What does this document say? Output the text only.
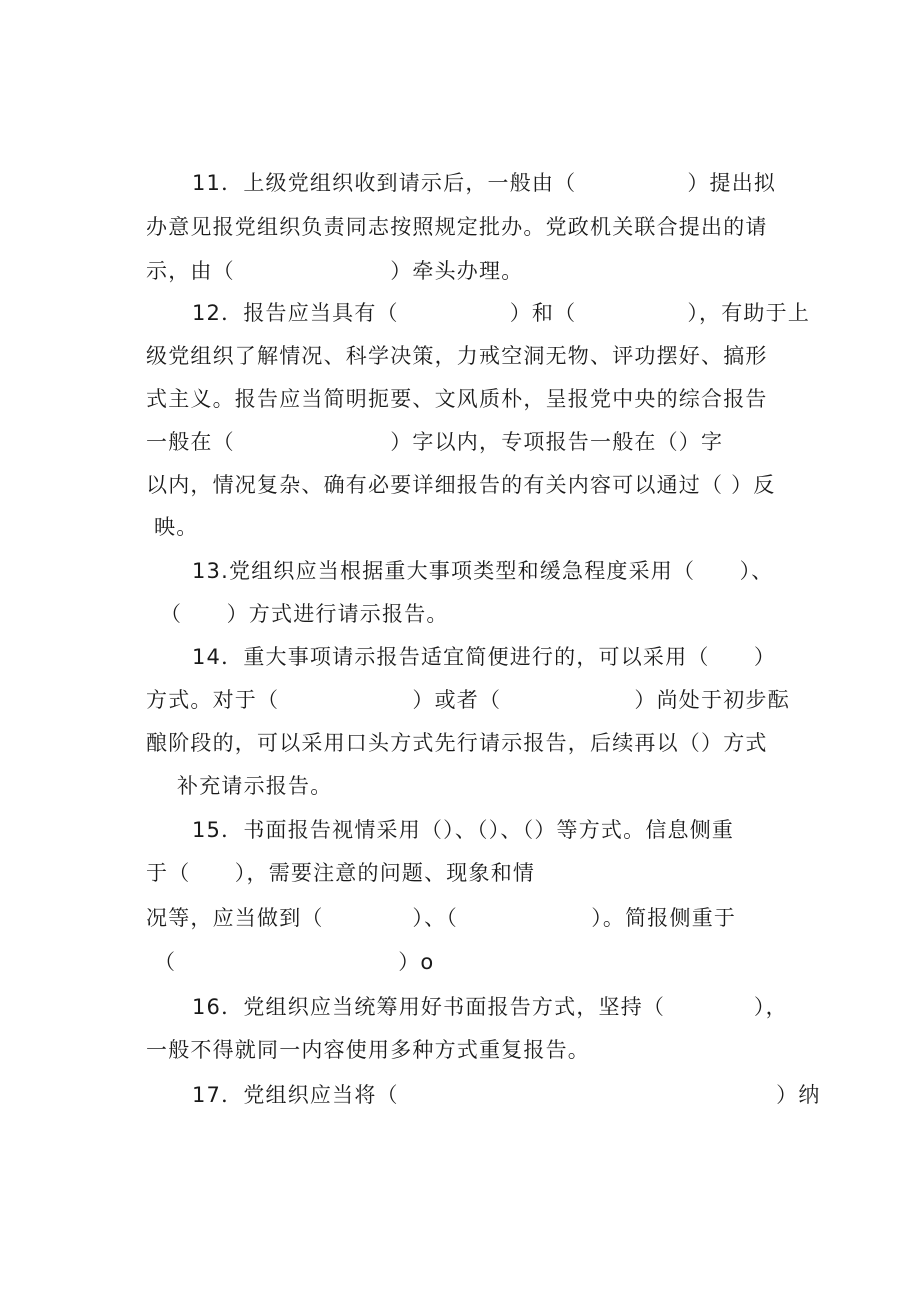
11．上级党组织收到请示后，一般由（　　　　　）提出拟
办意见报党组织负责同志按照规定批办。党政机关联合提出的请
示，由（　　　　　　　）牵头办理。
12．报告应当具有（　　　　　）和（　　　　　），有助于上
级党组织了解情况、科学决策，力戒空洞无物、评功摆好、搞形
式主义。报告应当简明扼要、文风质朴，呈报党中央的综合报告
一般在（　　　　　　　）字以内，专项报告一般在（）字
以内，情况复杂、确有必要详细报告的有关内容可以通过（ ）反
映。
13.党组织应当根据重大事项类型和缓急程度采用（　　）、
（　　）方式进行请示报告。
14．重大事项请示报告适宜简便进行的，可以采用（　　）
方式。对于（　　　　　　）或者（　　　　　　）尚处于初步酝
酿阶段的，可以采用口头方式先行请示报告，后续再以（）方式
补充请示报告。
15．书面报告视情采用（）、（）、（）等方式。信息侧重
于（　　），需要注意的问题、现象和情
况等，应当做到（　　　　）、（　　　　　　）。简报侧重于
（　　　　　　　　　　）o
16．党组织应当统筹用好书面报告方式，坚持（　　　　），
一般不得就同一内容使用多种方式重复报告。
17．党组织应当将（　　　　　　　　　　　　　　　　　）纳
